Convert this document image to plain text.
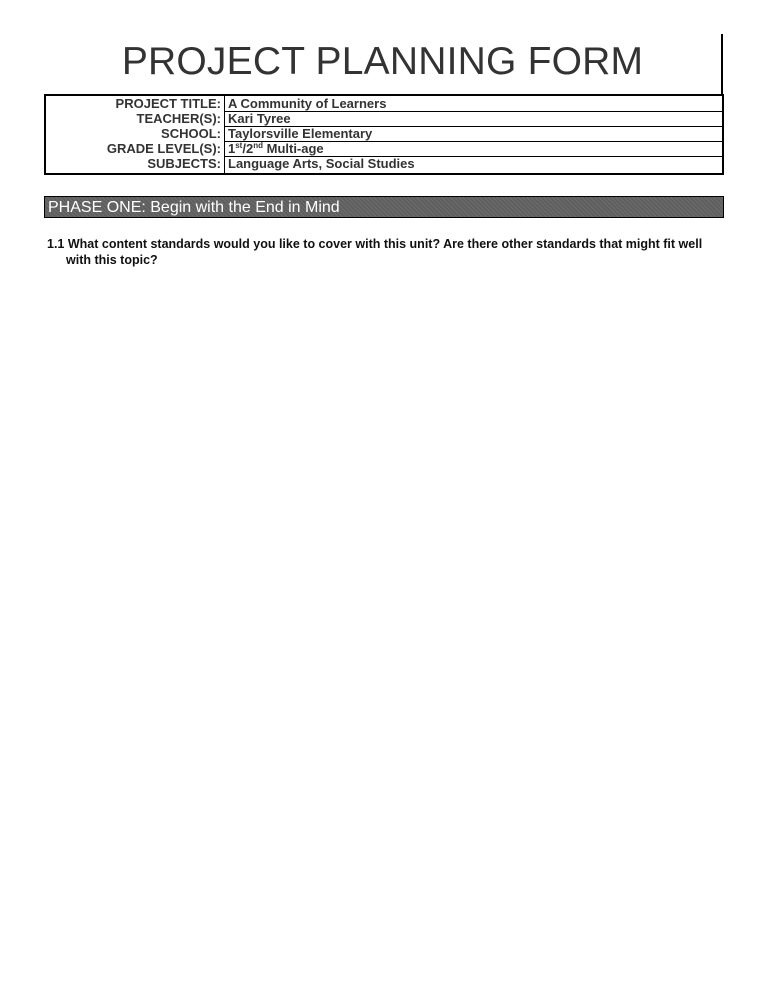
PROJECT PLANNING FORM
PROJECT TITLE:	A Community of Learners
TEACHER(S):	Kari Tyree
SCHOOL:	Taylorsville Elementary
GRADE LEVEL(S):	1st/2nd Multi-age
SUBJECTS:	Language Arts, Social Studies
PHASE ONE: Begin with the End in Mind
1.1 What content standards would you like to cover with this unit? Are there other standards that might fit well with this topic?
